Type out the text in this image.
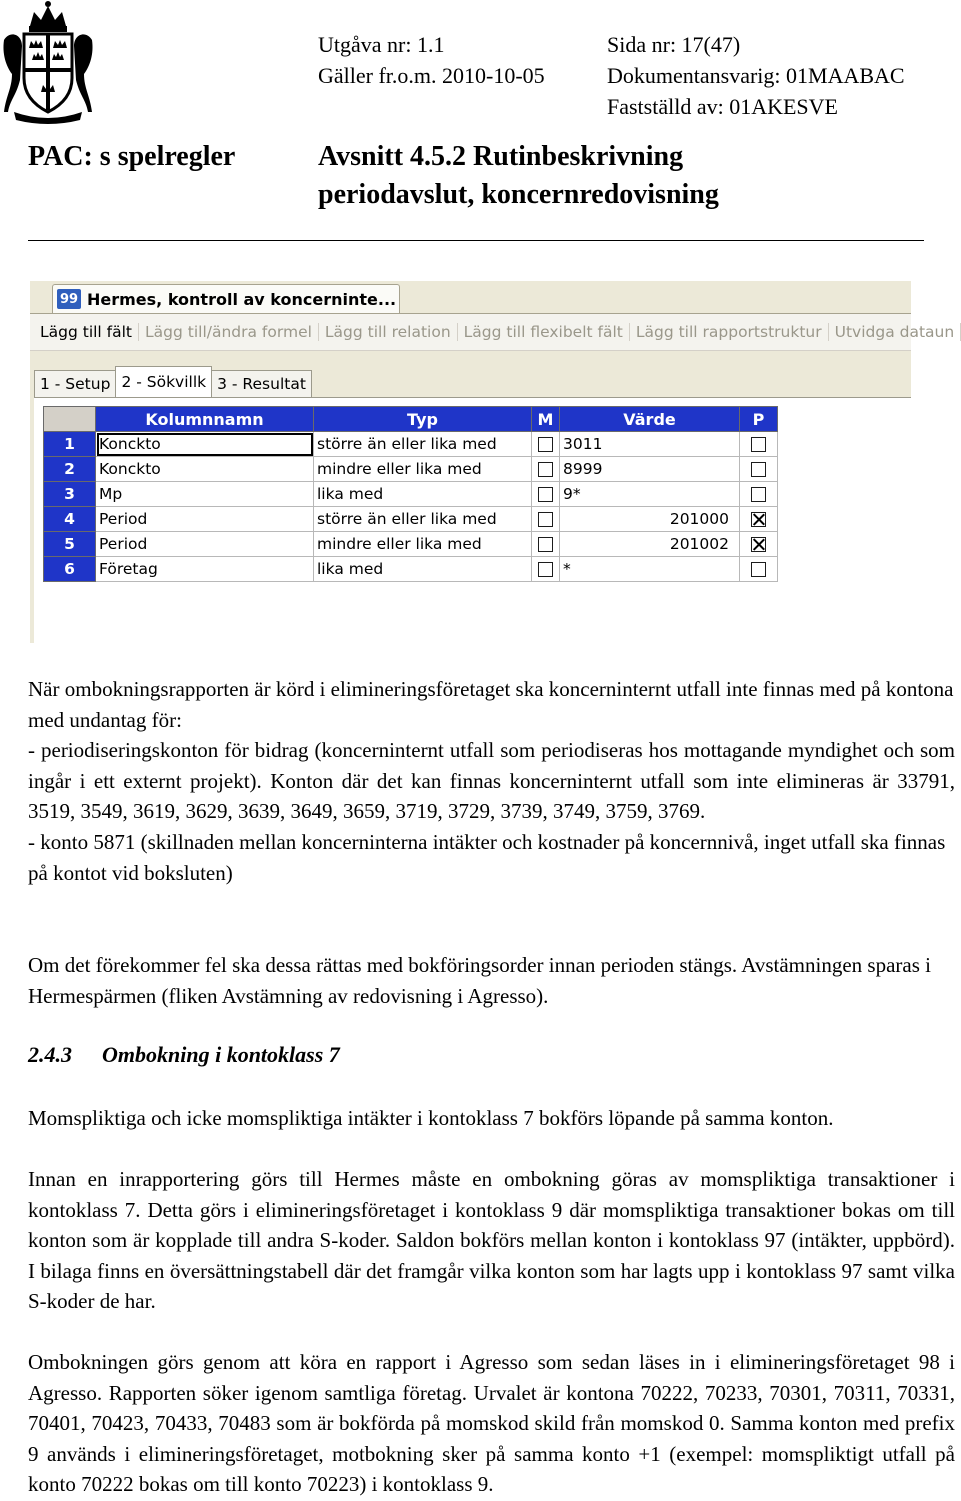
Utgåva nr: 1.1
Gäller fr.o.m. 2010-10-05
Sida nr: 17(47)
Dokumentansvarig: 01MAABAC
Fastställd av: 01AKESVE
PAC: s spelregler	Avsnitt 4.5.2 Rutinbeskrivning
periodavslut, koncernredovisning
99 Hermes, kontroll av koncerninte...
Lägg till fält Lägg till/ändra formel Lägg till relation Lägg till flexibelt fält Lägg till rapportstruktur Utvidga dataun
1 - Setup 2 - Sökvillk 3 - Resultat
	Kolumnnamn	Typ	M	Värde	P
1	Konckto	större än eller lika med		3011	
2	Konckto	mindre eller lika med		8999	
3	Mp	lika med		9*	
4	Period	större än eller lika med		201000	
5	Period	mindre eller lika med		201002	
6	Företag	lika med		*	

När ombokningsrapporten är körd i elimineringsföretaget ska koncerninternt utfall inte finnas med på kontona med undantag för:

- periodiseringskonton för bidrag (koncerninternt utfall som periodiseras hos mottagande myndighet och som ingår i ett externt projekt). Konton där det kan finnas koncerninternt utfall som inte elimineras är 33791, 3519, 3549, 3619, 3629, 3639, 3649, 3659, 3719, 3729, 3739, 3749, 3759, 3769.

- konto 5871 (skillnaden mellan koncerninterna intäkter och kostnader på koncernnivå, inget utfall ska finnas på kontot vid boksluten)

Om det förekommer fel ska dessa rättas med bokföringsorder innan perioden stängs. Avstämningen sparas i Hermespärmen (fliken Avstämning av redovisning i Agresso).

2.4.3 Ombokning i kontoklass 7
Momspliktiga och icke momspliktiga intäkter i kontoklass 7 bokförs löpande på samma konton.
Innan en inrapportering görs till Hermes måste en ombokning göras av momspliktiga transaktioner i kontoklass 7. Detta görs i elimineringsföretaget i kontoklass 9 där momspliktiga transaktioner bokas om till konton som är kopplade till andra S-koder. Saldon bokförs mellan konton i kontoklass 97 (intäkter, uppbörd). I bilaga finns en översättningstabell där det framgår vilka konton som har lagts upp i kontoklass 97 samt vilka S-koder de har.
Ombokningen görs genom att köra en rapport i Agresso som sedan läses in i elimineringsföretaget 98 i Agresso. Rapporten söker igenom samtliga företag. Urvalet är kontona 70222, 70233, 70301, 70311, 70331, 70401, 70423, 70433, 70483 som är bokförda på momskod skild från momskod 0. Samma konton med prefix 9 används i elimineringsföretaget, motbokning sker på samma konto +1 (exempel: momspliktigt utfall på konto 70222 bokas om till konto 70223) i kontoklass 9.
